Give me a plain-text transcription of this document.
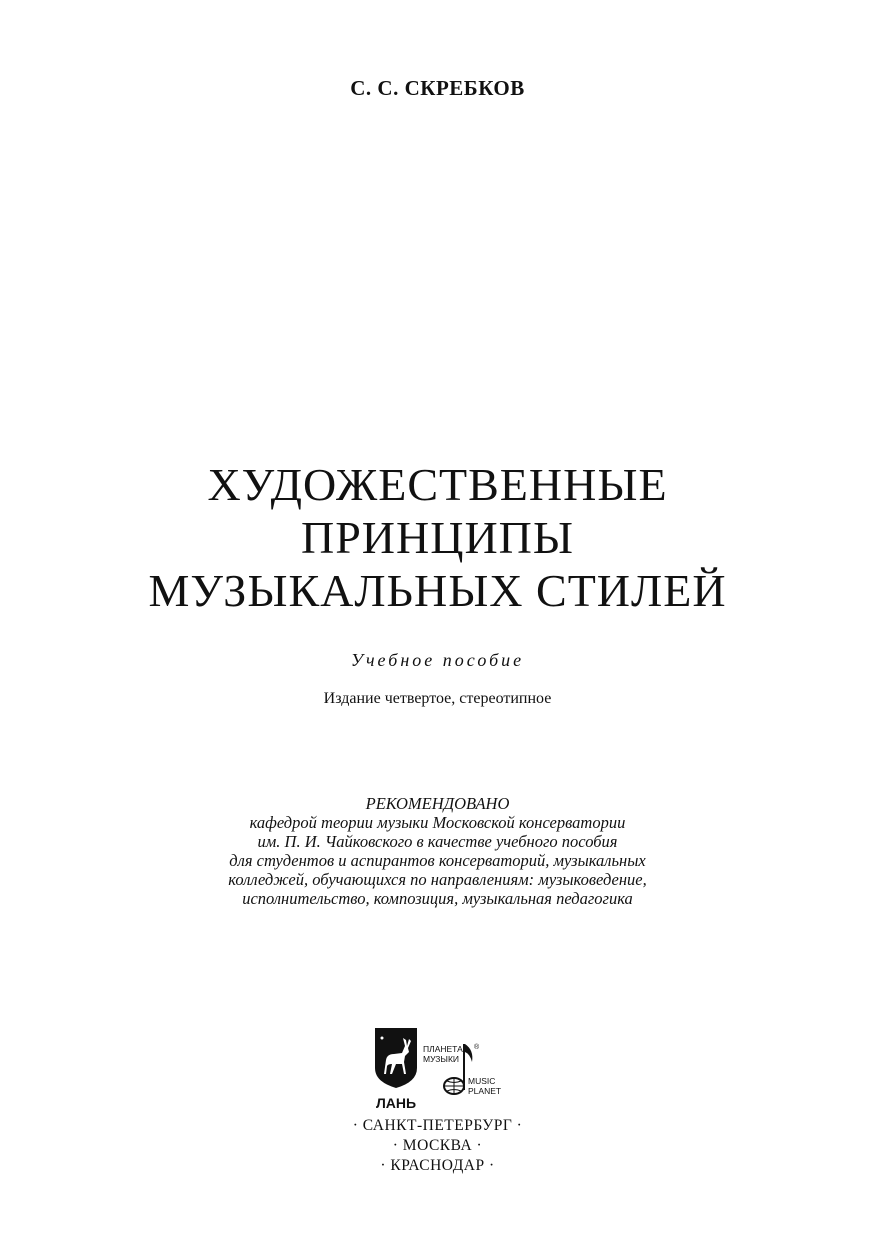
С. С. СКРЕБКОВ
ХУДОЖЕСТВЕННЫЕ
ПРИНЦИПЫ
МУЗЫКАЛЬНЫХ СТИЛЕЙ
Учебное пособие
Издание четвертое, стереотипное
РЕКОМЕНДОВАНО
кафедрой теории музыки Московской консерватории
им. П. И. Чайковского в качестве учебного пособия
для студентов и аспирантов консерваторий, музыкальных
колледжей, обучающихся по направлениям: музыковедение,
исполнительство, композиция, музыкальная педагогика
ЛАНЬ
ПЛАНЕТА
МУЗЫКИ
®
MUSIC
PLANET
· САНКТ-ПЕТЕРБУРГ ·
· МОСКВА ·
· КРАСНОДАР ·
